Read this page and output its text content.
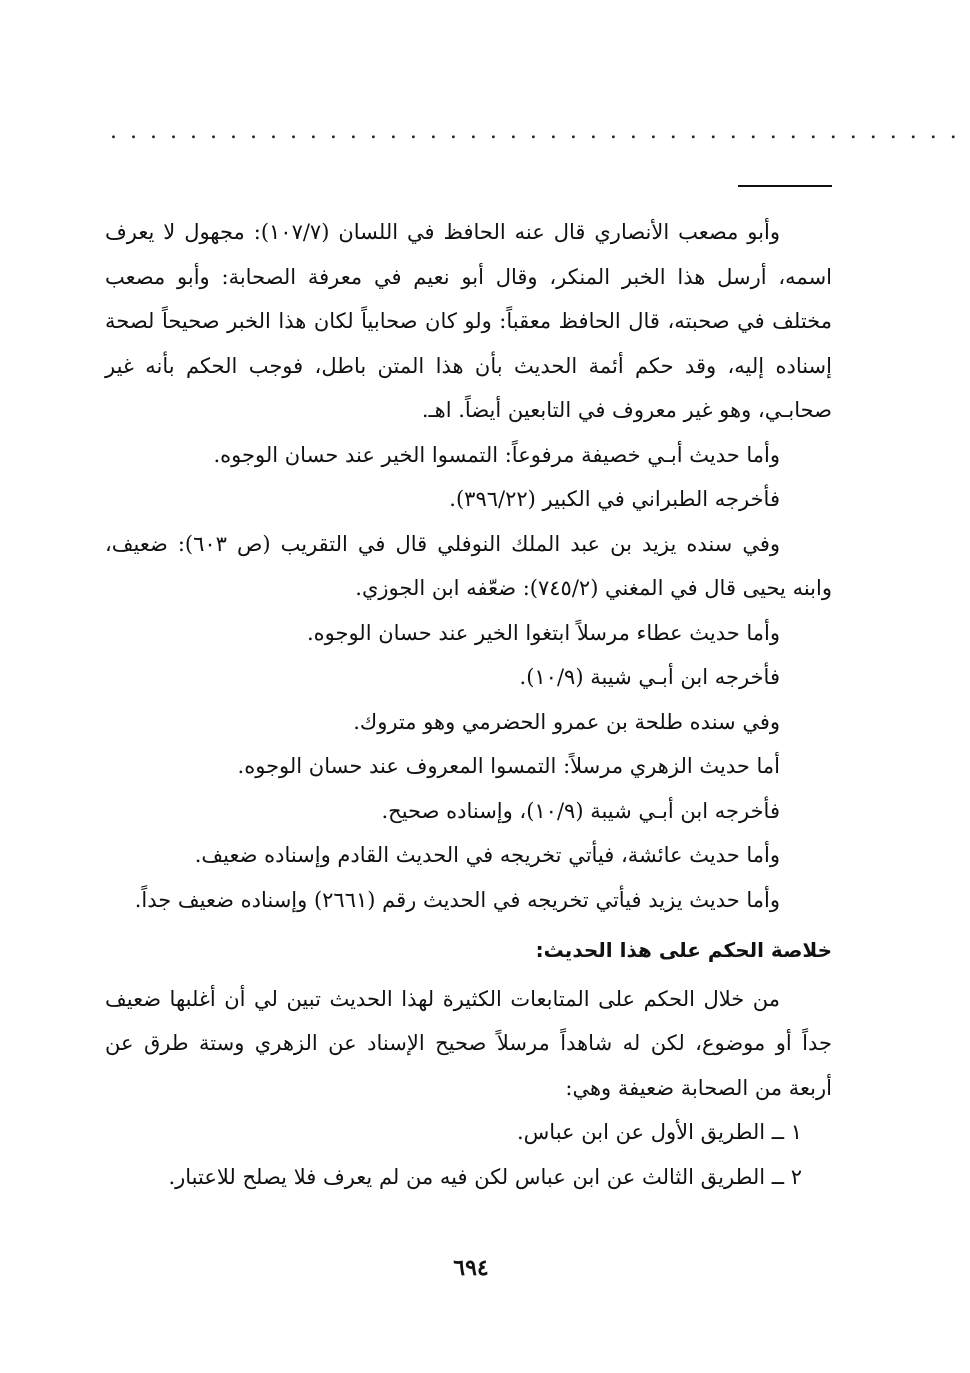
...........................................

وأبو مصعب الأنصاري قال عنه الحافظ في اللسان (١٠٧/٧): مجهول لا يعرف اسمه، أرسل هذا الخبر المنكر، وقال أبو نعيم في معرفة الصحابة: وأبو مصعب مختلف في صحبته، قال الحافظ معقباً: ولو كان صحابياً لكان هذا الخبر صحيحاً لصحة إسناده إليه، وقد حكم أئمة الحديث بأن هذا المتن باطل، فوجب الحكم بأنه غير صحابـي، وهو غير معروف في التابعين أيضاً. اهـ.

وأما حديث أبـي خصيفة مرفوعاً: التمسوا الخير عند حسان الوجوه.

فأخرجه الطبراني في الكبير (٣٩٦/٢٢).

وفي سنده يزيد بن عبد الملك النوفلي قال في التقريب (ص ٦٠٣): ضعيف، وابنه يحيى قال في المغني (٧٤٥/٢): ضعّفه ابن الجوزي.

وأما حديث عطاء مرسلاً ابتغوا الخير عند حسان الوجوه.

فأخرجه ابن أبـي شيبة (١٠/٩).

وفي سنده طلحة بن عمرو الحضرمي وهو متروك.

أما حديث الزهري مرسلاً: التمسوا المعروف عند حسان الوجوه.

فأخرجه ابن أبـي شيبة (١٠/٩)، وإسناده صحيح.

وأما حديث عائشة، فيأتي تخريجه في الحديث القادم وإسناده ضعيف.

وأما حديث يزيد فيأتي تخريجه في الحديث رقم (٢٦٦١) وإسناده ضعيف جداً.

خلاصة الحكم على هذا الحديث:

من خلال الحكم على المتابعات الكثيرة لهذا الحديث تبين لي أن أغلبها ضعيف جداً أو موضوع، لكن له شاهداً مرسلاً صحيح الإسناد عن الزهري وستة طرق عن أربعة من الصحابة ضعيفة وهي:

١ ــ الطريق الأول عن ابن عباس.

٢ ــ الطريق الثالث عن ابن عباس لكن فيه من لم يعرف فلا يصلح للاعتبار.

٦٩٤
